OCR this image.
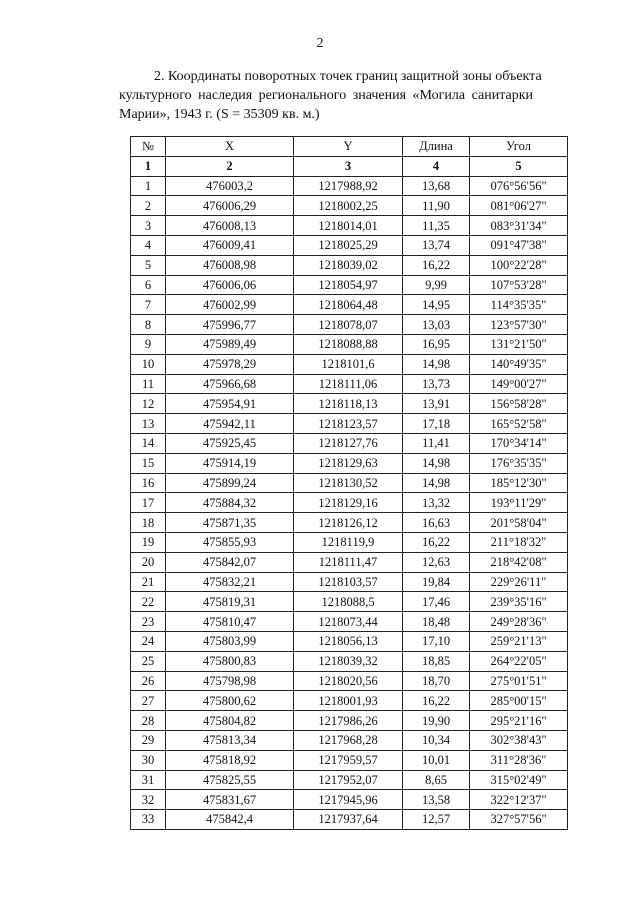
2
2. Координаты поворотных точек границ защитной зоны объекта
культурного наследия регионального значения «Могила санитарки
Марии», 1943 г. (S = 35309 кв. м.)
№	X	Y	Длина	Угол
1	2	3	4	5
1	476003,2	1217988,92	13,68	076°56'56"
2	476006,29	1218002,25	11,90	081°06'27"
3	476008,13	1218014,01	11,35	083°31'34"
4	476009,41	1218025,29	13,74	091°47'38"
5	476008,98	1218039,02	16,22	100°22'28"
6	476006,06	1218054,97	9,99	107°53'28"
7	476002,99	1218064,48	14,95	114°35'35"
8	475996,77	1218078,07	13,03	123°57'30"
9	475989,49	1218088,88	16,95	131°21'50"
10	475978,29	1218101,6	14,98	140°49'35"
11	475966,68	1218111,06	13,73	149°00'27"
12	475954,91	1218118,13	13,91	156°58'28"
13	475942,11	1218123,57	17,18	165°52'58"
14	475925,45	1218127,76	11,41	170°34'14"
15	475914,19	1218129,63	14,98	176°35'35"
16	475899,24	1218130,52	14,98	185°12'30"
17	475884,32	1218129,16	13,32	193°11'29"
18	475871,35	1218126,12	16,63	201°58'04"
19	475855,93	1218119,9	16,22	211°18'32"
20	475842,07	1218111,47	12,63	218°42'08"
21	475832,21	1218103,57	19,84	229°26'11"
22	475819,31	1218088,5	17,46	239°35'16"
23	475810,47	1218073,44	18,48	249°28'36"
24	475803,99	1218056,13	17,10	259°21'13"
25	475800,83	1218039,32	18,85	264°22'05"
26	475798,98	1218020,56	18,70	275°01'51"
27	475800,62	1218001,93	16,22	285°00'15"
28	475804,82	1217986,26	19,90	295°21'16"
29	475813,34	1217968,28	10,34	302°38'43"
30	475818,92	1217959,57	10,01	311°28'36"
31	475825,55	1217952,07	8,65	315°02'49"
32	475831,67	1217945,96	13,58	322°12'37"
33	475842,4	1217937,64	12,57	327°57'56"
